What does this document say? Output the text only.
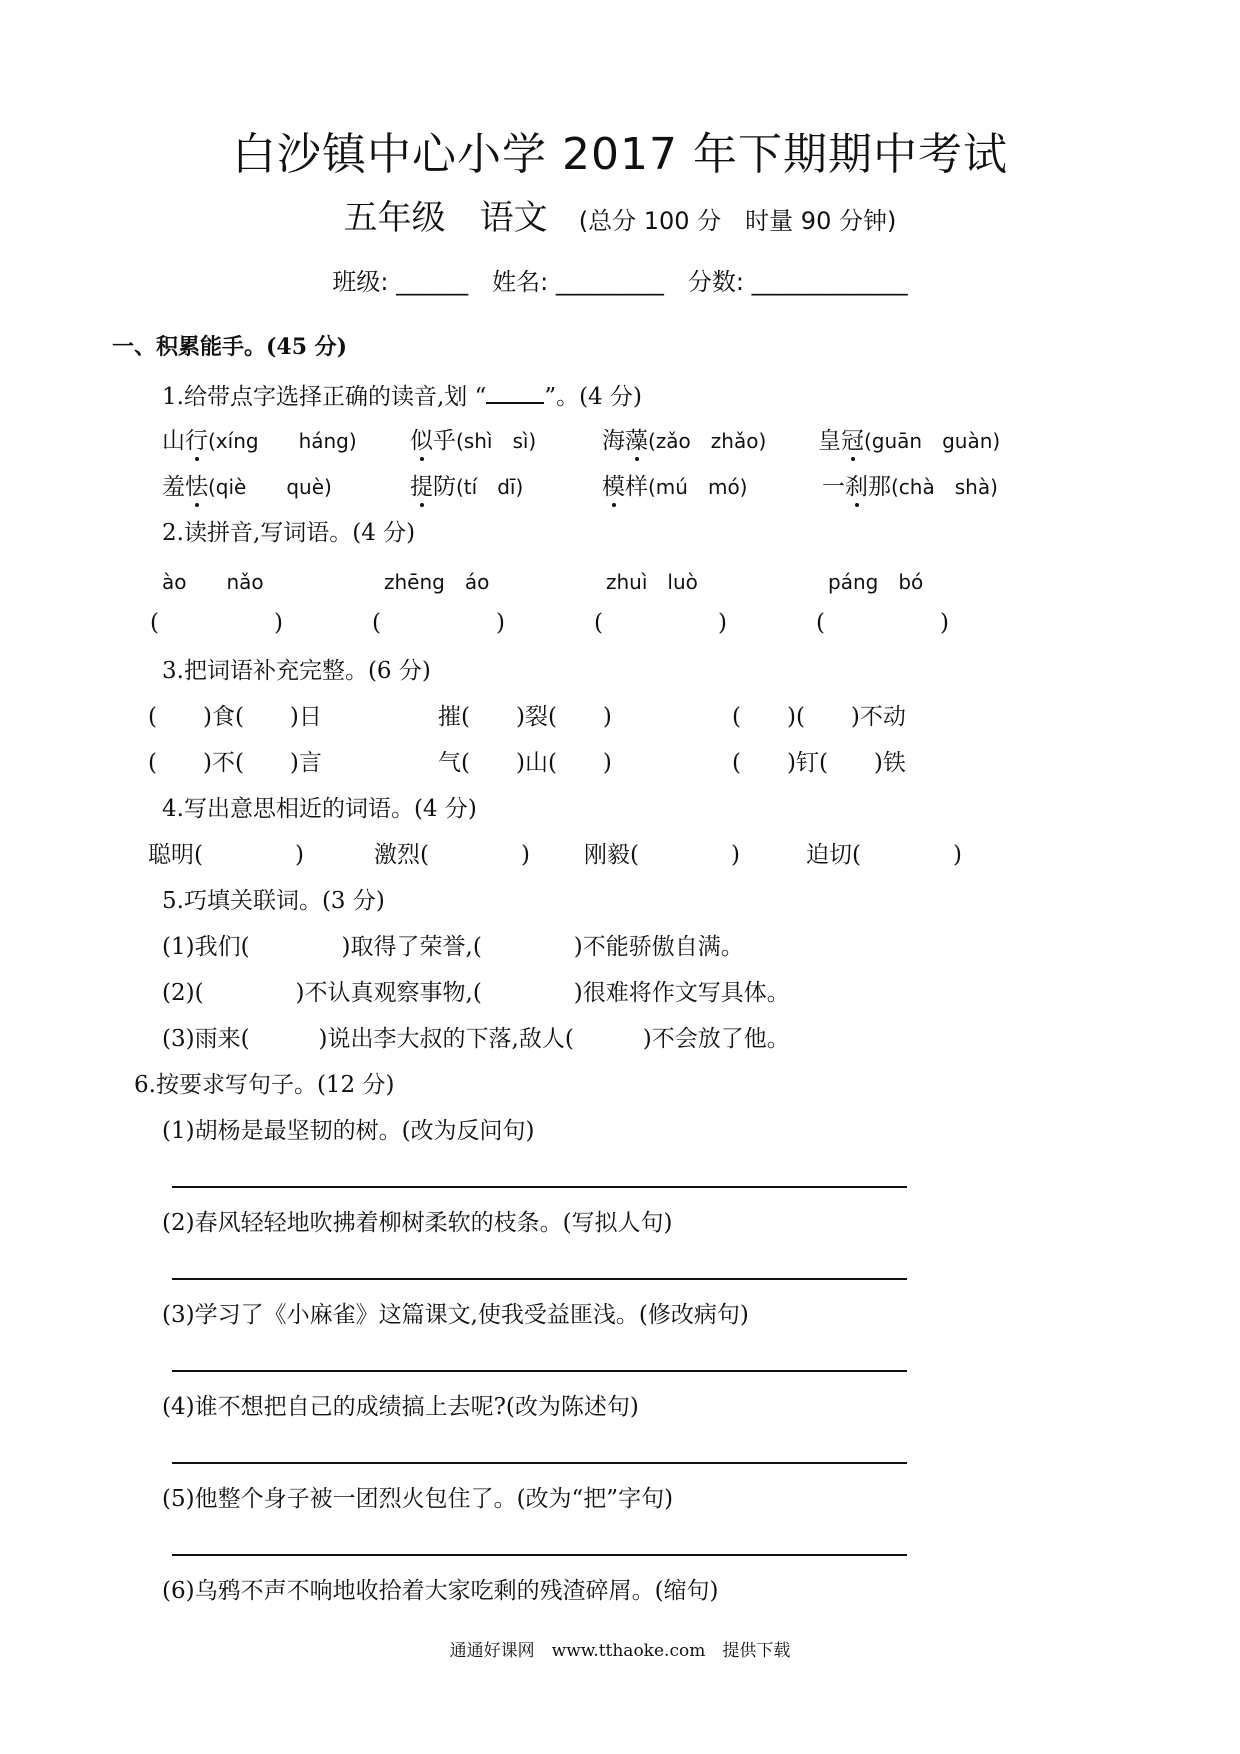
白沙镇中心小学 2017 年下期期中考试
五年级　语文 (总分 100 分　时量 90 分钟)
班级: ______　姓名: _________　分数: _____________
一、积累能手。(45 分)
1.给带点字选择正确的读音,划 “	”。(4 分)
山行(xíng　　háng) 似乎(shì　sì)	海藻(zǎo　zhǎo) 皇冠(guān　guàn)
羞怯(qiè　　què)	提防(tí　dī)	模样(mú　mó)	一刹那(chà　shà)
2.读拼音,写词语。(4 分)
ào　　nǎo	zhēng　áo	zhuì　luò	páng　bó
(　　　　　)	(　　　　　)	(　　　　　)	(　　　　　)
3.把词语补充完整。(6 分)
(　　)食(　　)日	摧(　　)裂(　　)	(　　)(　　)不动
(　　)不(　　)言	气(　　)山(　　)	(　　)钉(　　)铁
4.写出意思相近的词语。(4 分)
聪明(　　　　)	激烈(　　　　) 刚毅(　　　　)	迫切(　　　　)
5.巧填关联词。(3 分)
(1)我们(　　　　)取得了荣誉,(　　　　)不能骄傲自满。
(2)(　　　　)不认真观察事物,(　　　　)很难将作文写具体。
(3)雨来(　　　)说出李大叔的下落,敌人(　　　)不会放了他。
6.按要求写句子。(12 分)
(1)胡杨是最坚韧的树。(改为反问句)
(2)春风轻轻地吹拂着柳树柔软的枝条。(写拟人句)
(3)学习了《小麻雀》这篇课文,使我受益匪浅。(修改病句)
(4)谁不想把自己的成绩搞上去呢?(改为陈述句)
(5)他整个身子被一团烈火包住了。(改为“把”字句)
(6)乌鸦不声不响地收拾着大家吃剩的残渣碎屑。(缩句)
通通好课网　www.tthaoke.com　提供下载
